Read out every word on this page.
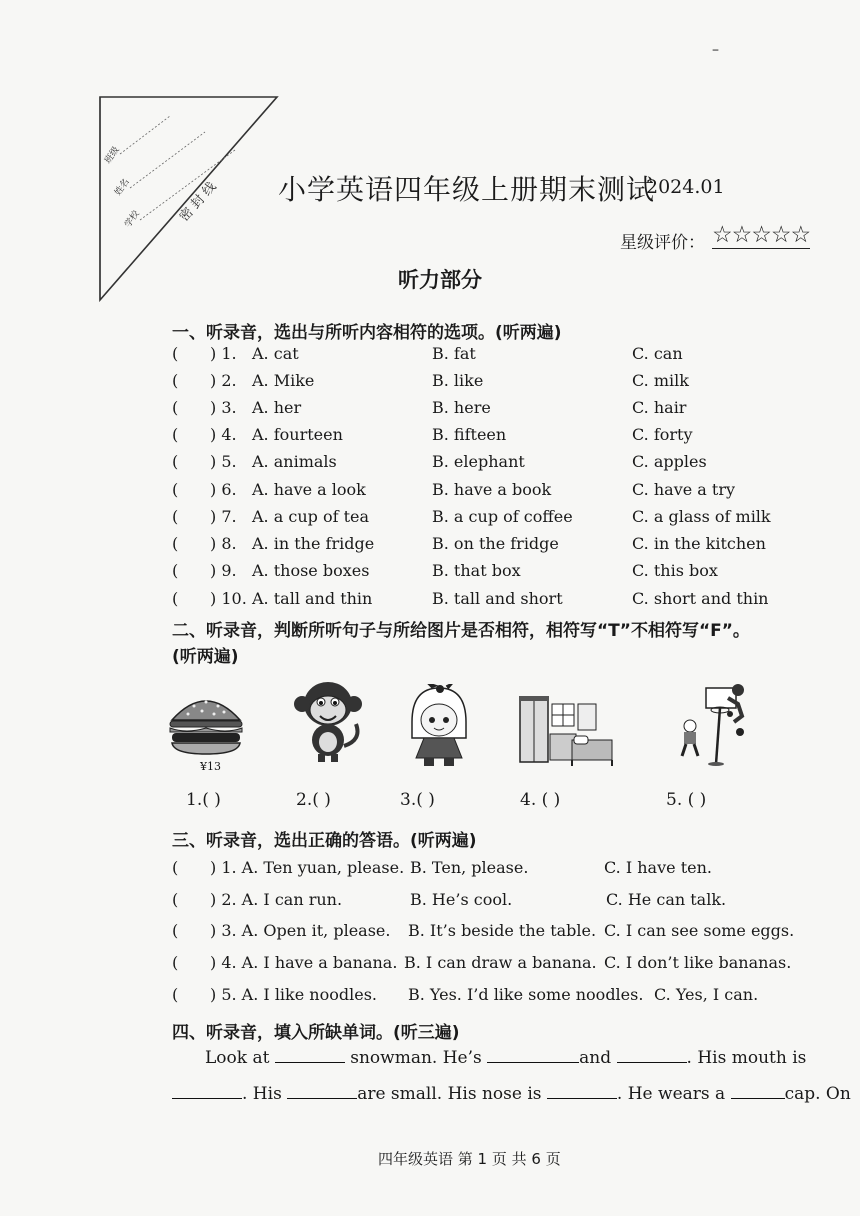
班级
姓名
学校	密 封 线
–
小学英语四年级上册期末测试
2024.01
星级评价： ☆☆☆☆☆
听力部分
一、听录音，选出与所听内容相符的选项。(听两遍)
( ) 1. A. cat	B. fat	C. can
( ) 2. A. Mike	B. like	C. milk
( ) 3. A. her	B. here	C. hair
( ) 4. A. fourteen	B. fifteen	C. forty
( ) 5. A. animals	B. elephant	C. apples
( ) 6. A. have a look	B. have a book	C. have a try
( ) 7. A. a cup of tea	B. a cup of coffee	C. a glass of milk
( ) 8. A. in the fridge	B. on the fridge	C. in the kitchen
( ) 9. A. those boxes	B. that box	C. this box
( ) 10. A. tall and thin	B. tall and short	C. short and thin
二、听录音，判断所听句子与所给图片是否相符，相符写“T”不相符写“F”。
(听两遍)
¥13
1.( )	2.( )	3.( )	4. ( )	5. ( )
三、听录音，选出正确的答语。(听两遍)
( ) 1. A. Ten yuan, please. B. Ten, please.	C. I have ten.
( ) 2. A. I can run.	B. He’s cool.	C. He can talk.
( ) 3. A. Open it, please. B. It’s beside the table. C. I can see some eggs.
( ) 4. A. I have a banana. B. I can draw a banana. C. I don’t like bananas.
( ) 5. A. I like noodles. B. Yes. I’d like some noodles. C. Yes, I can.
四、听录音，填入所缺单词。(听三遍)
Look at	snowman. He’s	and	. His mouth is
. His	are small. His nose is	. He wears a	cap. On
四年级英语 第 1 页 共 6 页
